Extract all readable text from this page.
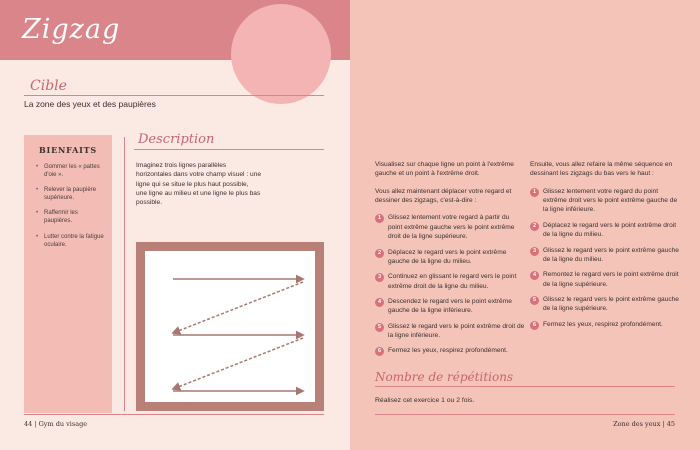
Zigzag
Cible
La zone des yeux et des paupières
BIENFAITS
• Gommer les « pattes d'oie ».
• Relever la paupière supérieure.
• Raffermir les paupières.
• Lutter contre la fatigue oculaire.
Description
Imaginez trois lignes parallèles horizontales dans votre champ visuel : une ligne qui se situe le plus haut possible, une ligne au milieu et une ligne le plus bas possible.
44 | Gym du visage

Visualisez sur chaque ligne un point à l'extrême gauche et un point à l'extrême droit.

Vous allez maintenant déplacer votre regard et dessiner des zigzags, c'est-à-dire :

1	Glissez lentement votre regard à partir du point extrême gauche vers le point extrême droit de la ligne supérieure.
2	Déplacez le regard vers le point extrême gauche de la ligne du milieu.
3	Continuez en glissant le regard vers le point extrême droit de la ligne du milieu.
4	Descendez le regard vers le point extrême gauche de la ligne inférieure.
5	Glissez le regard vers le point extrême droit de la ligne inférieure.
6	Fermez les yeux, respirez profondément.

Ensuite, vous allez refaire la même séquence en dessinant les zigzags du bas vers le haut :

1	Glissez lentement votre regard du point extrême droit vers le point extrême gauche de la ligne inférieure.
2	Déplacez le regard vers le point extrême droit de la ligne du milieu.
3	Glissez le regard vers le point extrême gauche de la ligne du milieu.
4	Remontez le regard vers le point extrême droit de la ligne supérieure.
5	Glissez le regard vers le point extrême gauche de la ligne supérieure.
6	Fermez les yeux, respirez profondément.
Nombre de répétitions
Réalisez cet exercice 1 ou 2 fois.
Zone des yeux | 45
